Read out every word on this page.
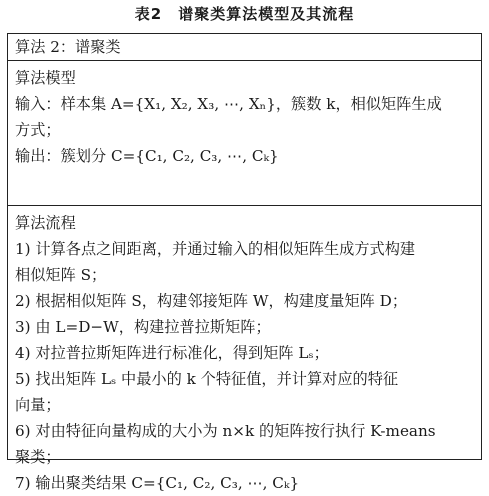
表2　谱聚类算法模型及其流程
算法 2：谱聚类
算法模型
输入：样本集 A={X₁, X₂, X₃, ⋯, Xₙ}，簇数 k，相似矩阵生成
方式；
输出：簇划分 C={C₁, C₂, C₃, ⋯, Cₖ}
算法流程
1) 计算各点之间距离，并通过输入的相似矩阵生成方式构建
相似矩阵 S；
2) 根据相似矩阵 S，构建邻接矩阵 W，构建度量矩阵 D；
3) 由 L=D−W，构建拉普拉斯矩阵；
4) 对拉普拉斯矩阵进行标准化，得到矩阵 Lₛ；
5) 找出矩阵 Lₛ 中最小的 k 个特征值，并计算对应的特征
向量；
6) 对由特征向量构成的大小为 n×k 的矩阵按行执行 K-means
聚类；
7) 输出聚类结果 C={C₁, C₂, C₃, ⋯, Cₖ}
